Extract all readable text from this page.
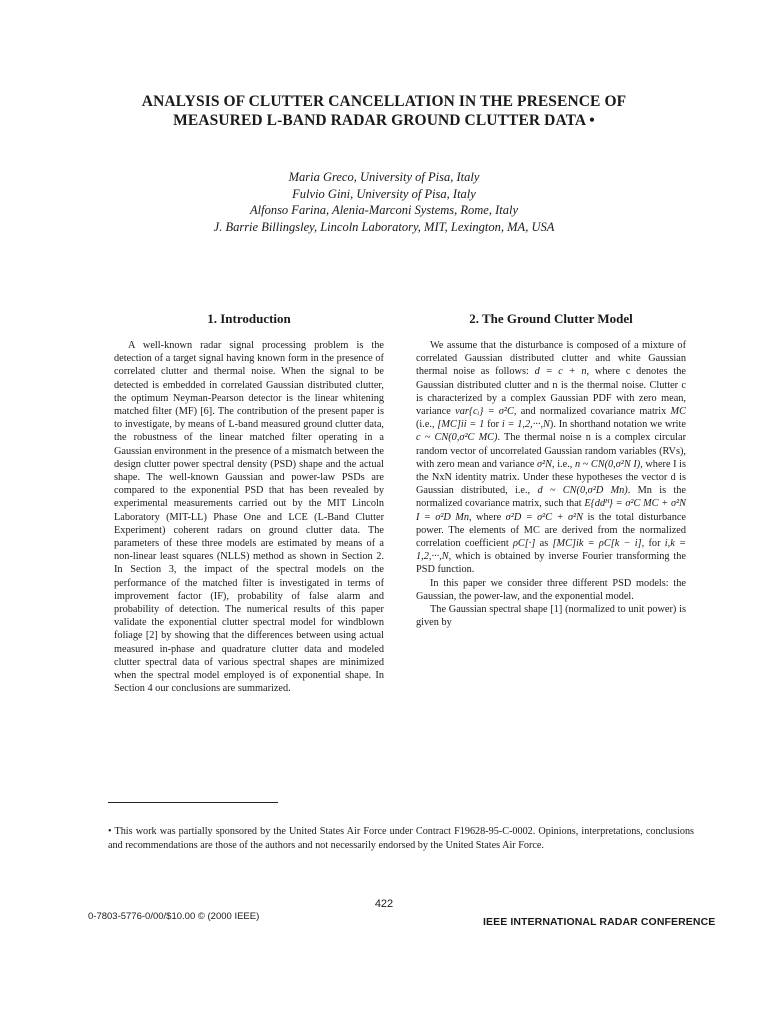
ANALYSIS OF CLUTTER CANCELLATION IN THE PRESENCE OF
MEASURED L-BAND RADAR GROUND CLUTTER DATA •
Maria Greco, University of Pisa, Italy
Fulvio Gini, University of Pisa, Italy
Alfonso Farina, Alenia-Marconi Systems, Rome, Italy
J. Barrie Billingsley, Lincoln Laboratory, MIT, Lexington, MA, USA
1. Introduction

A well-known radar signal processing problem is the detection of a target signal having known form in the presence of correlated clutter and thermal noise. When the signal to be detected is embedded in correlated Gaussian distributed clutter, the optimum Neyman-Pearson detector is the linear whitening matched filter (MF) [6]. The contribution of the present paper is to investigate, by means of L-band measured ground clutter data, the robustness of the linear matched filter operating in a Gaussian environment in the presence of a mismatch between the design clutter power spectral density (PSD) shape and the actual shape. The well-known Gaussian and power-law PSDs are compared to the exponential PSD that has been revealed by experimental measurements carried out by the MIT Lincoln Laboratory (MIT-LL) Phase One and LCE (L-Band Clutter Experiment) coherent radars on ground clutter data. The parameters of these three models are estimated by means of a non-linear least squares (NLLS) method as shown in Section 2. In Section 3, the impact of the spectral models on the performance of the matched filter is investigated in terms of improvement factor (IF), probability of false alarm and probability of detection. The numerical results of this paper validate the exponential clutter spectral model for windblown foliage [2] by showing that the differences between using actual measured in-phase and quadrature clutter data and modeled clutter spectral data of various spectral shapes are minimized when the spectral model employed is of exponential shape. In Section 4 our conclusions are summarized.

2. The Ground Clutter Model

We assume that the disturbance is composed of a mixture of correlated Gaussian distributed clutter and white Gaussian thermal noise as follows: d = c + n, where c denotes the Gaussian distributed clutter and n is the thermal noise. Clutter c is characterized by a complex Gaussian PDF with zero mean, variance var{cᵢ} = σ²C, and normalized covariance matrix MC (i.e., [MC]ii = 1 for i = 1,2,···,N). In shorthand notation we write c ~ CN(0,σ²C MC). The thermal noise n is a complex circular random vector of uncorrelated Gaussian random variables (RVs), with zero mean and variance σ²N, i.e., n ~ CN(0,σ²N I), where I is the NxN identity matrix. Under these hypotheses the vector d is Gaussian distributed, i.e., d ~ CN(0,σ²D Mn). Mn is the normalized covariance matrix, such that E{ddᴴ} = σ²C MC + σ²N I = σ²D Mn, where σ²D = σ²C + σ²N is the total disturbance power. The elements of MC are derived from the normalized correlation coefficient ρC[·] as [MC]ik = ρC[k − i], for i,k = 1,2,···,N, which is obtained by inverse Fourier transforming the PSD function.

In this paper we consider three different PSD models: the Gaussian, the power-law, and the exponential model.

The Gaussian spectral shape [1] (normalized to unit power) is given by

• This work was partially sponsored by the United States Air Force under Contract F19628-95-C-0002. Opinions, interpretations, conclusions and recommendations are those of the authors and not necessarily endorsed by the United States Air Force.
422
0-7803-5776-0/00/$10.00 © (2000 IEEE)	IEEE INTERNATIONAL RADAR CONFERENCE
